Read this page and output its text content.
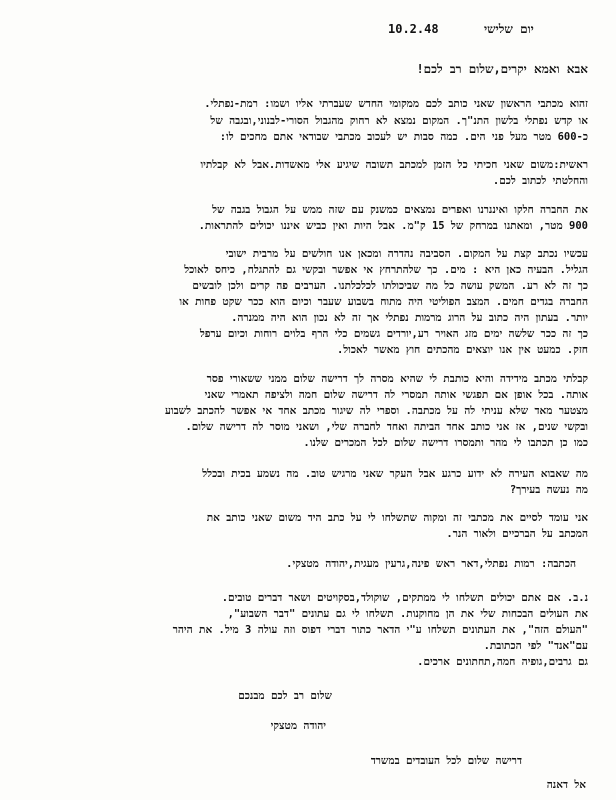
10.2.48	יום שלישי
אבא ואמא יקרים,שלום רב לכם!
זהוא מכתבי הראשון שאני כותב לכם ממקומי החדש שעברתי אליו ושמו: רמת-נפתלי.
או קדש נפתלי בלשון התנ"ך. המקום נמצא לא רחוק מהגבול הסורי-לבנוני,ובגבה של
כ-600 מטר מעל פני הים. כמה סבות יש לעכוב מכתבי שבודאי אתם מחכים לו:
ראשית:משום שאני חכיתי כל הזמן למכתב תשובה שיגיע אלי מאשדות.אבל לא קבלתיו
והחלטתי לכתוב לכם.
את החברה חלקו ואיננרנו ואפרים נמצאים כמשנק עם שזה ממש על הגבול בגבה של
900 מטר, ומאתנו במרחק של 15 ק"מ. אבל היות ואין כביש איננו יכולים להתראות.
עכשיו נכתב קצת על המקום. הסביבה נהדרה ומכאן אנו חולשים על מרבית ישובי
הגליל. הבעיה כאן היא : מים. כך שלהתרחץ אי אפשר ובקשי גם להתגלח, כיחס לאוכל
כך זה לא רע. המשק עושה כל מה שביכולתו לכלכלתנו. הערבים פה קרים ולכן לובשים
החברה בגדים חמים. המצב הפוליטי היה מתוח בשבוע שעבר וכיום הוא ככר שקט פחות או
יותר. בעתון היה כתוב על הרוג מרמות נפתלי אך זה לא נכון הוא היה ממנרה.
כך זה ככר שלשה ימים מזג האויר רע,יורדים גשמים כלי הרף בלוים רוחות וכיום ערפל
חזק. כמעט אין אנו יוצאים מהכתים חוץ מאשר לאכול.
קבלתי מכתב מידידה והיא כותבת לי שהיא מסרה לך דרישה שלום ממני ששאורי פסר
אותה. בכל אופן אם תפגשי אותה תמסרי לה דרישה שלום חמה ולציפה תאמרי שאני
מצטער מאד שלא עניתי לה על מכתבה. וספרי לה שיגור מכתב אחד אי אפשר להכתב לשבוע
ובקשי שנים, אז אני כותב אחד הביתה ואחד לחברה שלי, ושאני מוסר לה דרישה שלום.
כמו כן תכתבו לי מהר ותמסרו דרישה שלום לכל המכרים שלנו.
מה שאבוא העירה לא ידוע כרגע אבל העקר שאני מרגיש טוב. מה נשמע בכית ובכלל
מה נעשה בעירך?
אני עומד לסיים את מכתבי זה ומקוה שתשלחו לי על כתב היד משום שאני כותב את
המכתב על הברכיים ולאור הנר.
הכתבה: רמות נפתלי,דאר ראש פינה,גרעין מעגית,יהודה מטצקי.
נ.ב. אם אתם יכולים תשלחו לי ממתקים, שוקולד,בסקויטים ושאר דברים טובים.
את העולים הבכחות שלי את הן מחוקנות. תשלחו לי גם עתונים "דבר השבוע",
"העולם הזה", את העתונים תשלחו ע"י הדאר כתור דברי דפוס וזה עולה 3 מיל. את היהר
עם"אנד" לפי הכתובת.
גם גרבים,גופיה חמה,תחתונים ארכים.
שלום רב לכם מבנכם
יהודה מטצקי
דרישה שלום לכל העובדים במשרד
אל דאנה
